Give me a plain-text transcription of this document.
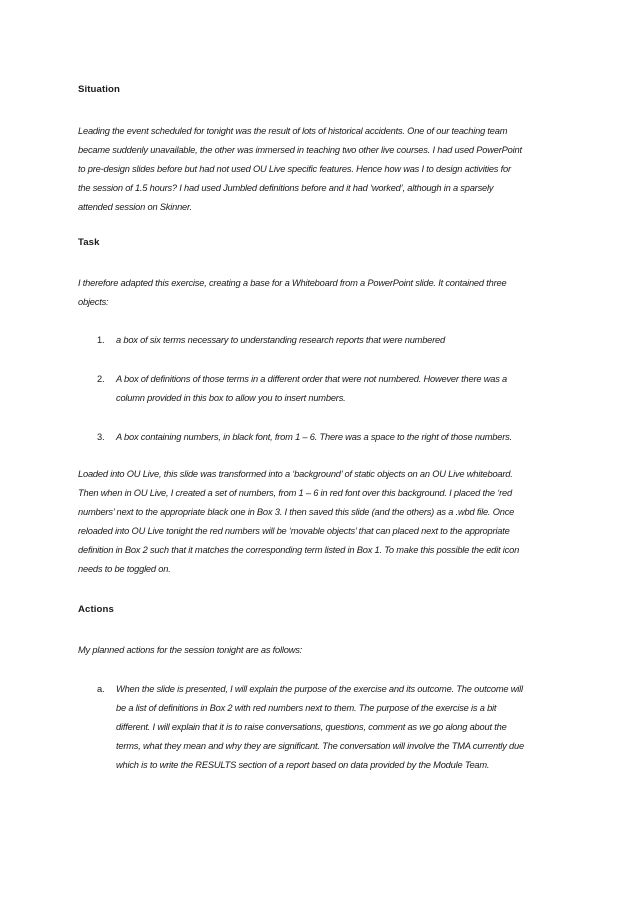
Situation
Leading the event scheduled for tonight was the result of lots of historical accidents. One of our teaching team
became suddenly unavailable, the other was immersed in teaching two other live courses. I had used PowerPoint
to pre-design slides before but had not used OU Live specific features. Hence how was I to design activities for
the session of 1.5 hours? I had used Jumbled definitions before and it had ‘worked’, although in a sparsely
attended session on Skinner.
Task
I therefore adapted this exercise, creating a base for a Whiteboard from a PowerPoint slide. It contained three
objects:
1. a box of six terms necessary to understanding research reports that were numbered
2. A box of definitions of those terms in a different order that were not numbered. However there was a
column provided in this box to allow you to insert numbers.
3. A box containing numbers, in black font, from 1 – 6. There was a space to the right of those numbers.
Loaded into OU Live, this slide was transformed into a ‘background’ of static objects on an OU Live whiteboard.
Then when in OU Live, I created a set of numbers, from 1 – 6 in red font over this background. I placed the ‘red
numbers’ next to the appropriate black one in Box 3. I then saved this slide (and the others) as a .wbd file. Once
reloaded into OU Live tonight the red numbers will be ‘movable objects’ that can placed next to the appropriate
definition in Box 2 such that it matches the corresponding term listed in Box 1. To make this possible the edit icon
needs to be toggled on.
Actions
My planned actions for the session tonight are as follows:
a. When the slide is presented, I will explain the purpose of the exercise and its outcome. The outcome will
be a list of definitions in Box 2 with red numbers next to them. The purpose of the exercise is a bit
different. I will explain that it is to raise conversations, questions, comment as we go along about the
terms, what they mean and why they are significant. The conversation will involve the TMA currently due
which is to write the RESULTS section of a report based on data provided by the Module Team.
